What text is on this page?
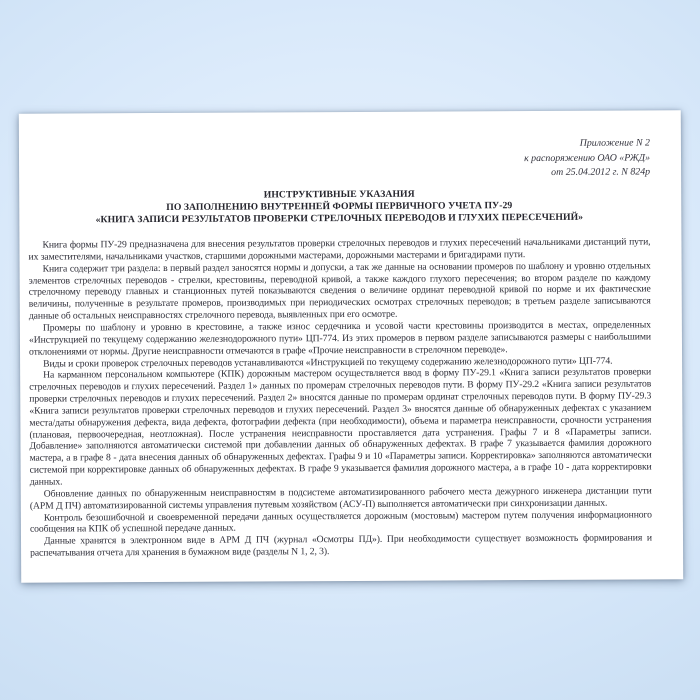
Приложение N 2
к распоряжению ОАО «РЖД»
от 25.04.2012 г. N 824р
ИНСТРУКТИВНЫЕ УКАЗАНИЯ
ПО ЗАПОЛНЕНИЮ ВНУТРЕННЕЙ ФОРМЫ ПЕРВИЧНОГО УЧЕТА ПУ-29
«КНИГА ЗАПИСИ РЕЗУЛЬТАТОВ ПРОВЕРКИ СТРЕЛОЧНЫХ ПЕРЕВОДОВ И ГЛУХИХ ПЕРЕСЕЧЕНИЙ»

Книга формы ПУ-29 предназначена для внесения результатов проверки стрелочных переводов и глухих пересечений начальниками дистанций пути, их заместителями, начальниками участков, старшими дорожными мастерами, дорожными мастерами и бригадирами пути.

Книга содержит три раздела: в первый раздел заносятся нормы и допуски, а так же данные на основании промеров по шаблону и уровню отдельных элементов стрелочных переводов - стрелки, крестовины, переводной кривой, а также каждого глухого пересечения; во втором разделе по каждому стрелочному переводу главных и станционных путей показываются сведения о величине ординат переводной кривой по норме и их фактические величины, полученные в результате промеров, производимых при периодических осмотрах стрелочных переводов; в третьем разделе записываются данные об остальных неисправностях стрелочного перевода, выявленных при его осмотре.

Промеры по шаблону и уровню в крестовине, а также износ сердечника и усовой части крестовины производится в местах, определенных «Инструкцией по текущему содержанию железнодорожного пути» ЦП-774. Из этих промеров в первом разделе записываются размеры с наибольшими отклонениями от нормы. Другие неисправности отмечаются в графе «Прочие неисправности в стрелочном переводе».

Виды и сроки проверок стрелочных переводов устанавливаются «Инструкцией по текущему содержанию железнодорожного пути» ЦП-774.

На карманном персональном компьютере (КПК) дорожным мастером осуществляется ввод в форму ПУ-29.1 «Книга записи результатов проверки стрелочных переводов и глухих пересечений. Раздел 1» данных по промерам стрелочных переводов пути. В форму ПУ-29.2 «Книга записи результатов проверки стрелочных переводов и глухих пересечений. Раздел 2» вносятся данные по промерам ординат стрелочных переводов пути. В форму ПУ-29.3 «Книга записи результатов проверки стрелочных переводов и глухих пересечений. Раздел 3» вносятся данные об обнаруженных дефектах с указанием места/даты обнаружения дефекта, вида дефекта, фотографии дефекта (при необходимости), объема и параметра неисправности, срочности устранения (плановая, первоочередная, неотложная). После устранения неисправности проставляется дата устранения. Графы 7 и 8 «Параметры записи. Добавление» заполняются автоматически системой при добавлении данных об обнаруженных дефектах. В графе 7 указывается фамилия дорожного мастера, а в графе 8 - дата внесения данных об обнаруженных дефектах. Графы 9 и 10 «Параметры записи. Корректировка» заполняются автоматически системой при корректировке данных об обнаруженных дефектах. В графе 9 указывается фамилия дорожного мастера, а в графе 10 - дата корректировки данных.

Обновление данных по обнаруженным неисправностям в подсистеме автоматизированного рабочего места дежурного инженера дистанции пути (АРМ Д ПЧ) автоматизированной системы управления путевым хозяйством (АСУ-П) выполняется автоматически при синхронизации данных.

Контроль безошибочной и своевременной передачи данных осуществляется дорожным (мостовым) мастером путем получения информационного сообщения на КПК об успешной передаче данных.

Данные хранятся в электронном виде в АРМ Д ПЧ (журнал «Осмотры ПД»). При необходимости существует возможность формирования и распечатывания отчета для хранения в бумажном виде (разделы N 1, 2, 3).
